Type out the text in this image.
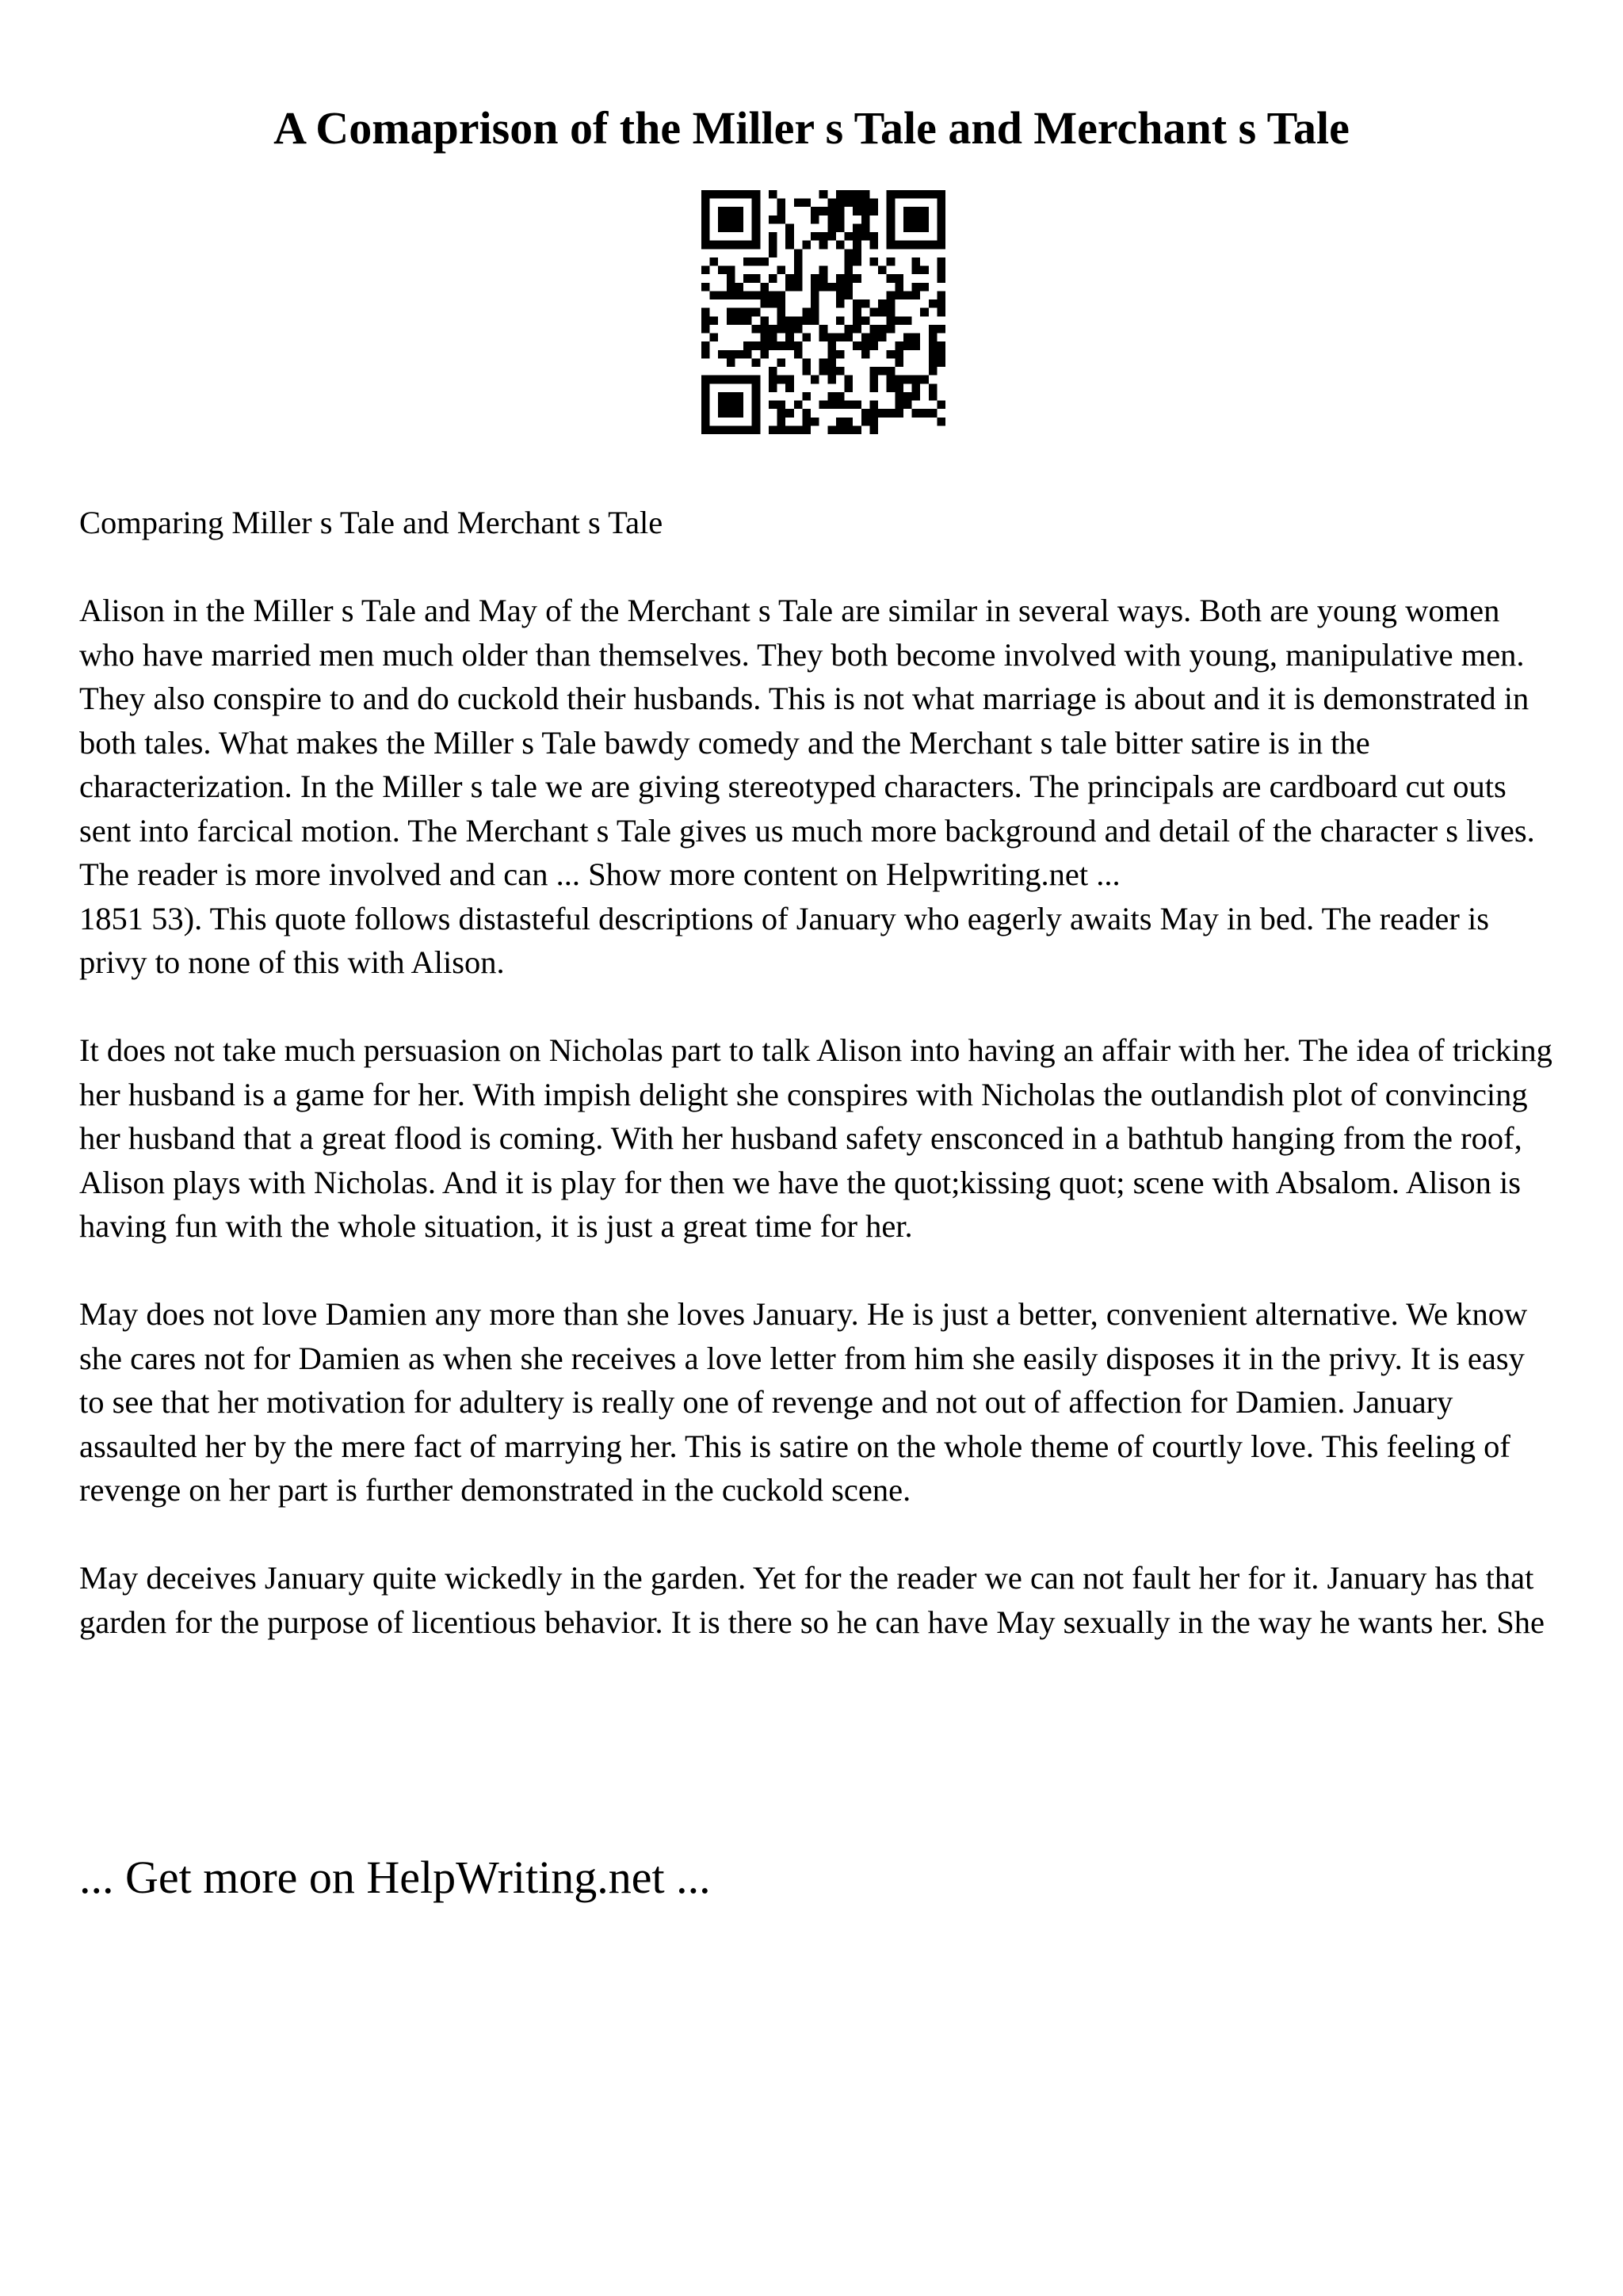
A Comaprison of the Miller s Tale and Merchant s Tale

Comparing Miller s Tale and Merchant s Tale

Alison in the Miller s Tale and May of the Merchant s Tale are similar in several ways. Both are young women who have married men much older than themselves. They both become involved with young, manipulative men. They also conspire to and do cuckold their husbands. This is not what marriage is about and it is demonstrated in both tales. What makes the Miller s Tale bawdy comedy and the Merchant s tale bitter satire is in the characterization. In the Miller s tale we are giving stereotyped characters. The principals are cardboard cut outs sent into farcical motion. The Merchant s Tale gives us much more background and detail of the character s lives. The reader is more involved and can ... Show more content on Helpwriting.net ...

1851 53). This quote follows distasteful descriptions of January who eagerly awaits May in bed. The reader is privy to none of this with Alison.

It does not take much persuasion on Nicholas part to talk Alison into having an affair with her. The idea of tricking her husband is a game for her. With impish delight she conspires with Nicholas the outlandish plot of convincing her husband that a great flood is coming. With her husband safety ensconced in a bathtub hanging from the roof, Alison plays with Nicholas. And it is play for then we have the quot;kissing quot; scene with Absalom. Alison is having fun with the whole situation, it is just a great time for her.

May does not love Damien any more than she loves January. He is just a better, convenient alternative. We know she cares not for Damien as when she receives a love letter from him she easily disposes it in the privy. It is easy to see that her motivation for adultery is really one of revenge and not out of affection for Damien. January assaulted her by the mere fact of marrying her. This is satire on the whole theme of courtly love. This feeling of revenge on her part is further demonstrated in the cuckold scene.

May deceives January quite wickedly in the garden. Yet for the reader we can not fault her for it. January has that garden for the purpose of licentious behavior. It is there so he can have May sexually in the way he wants her. She

... Get more on HelpWriting.net ...
